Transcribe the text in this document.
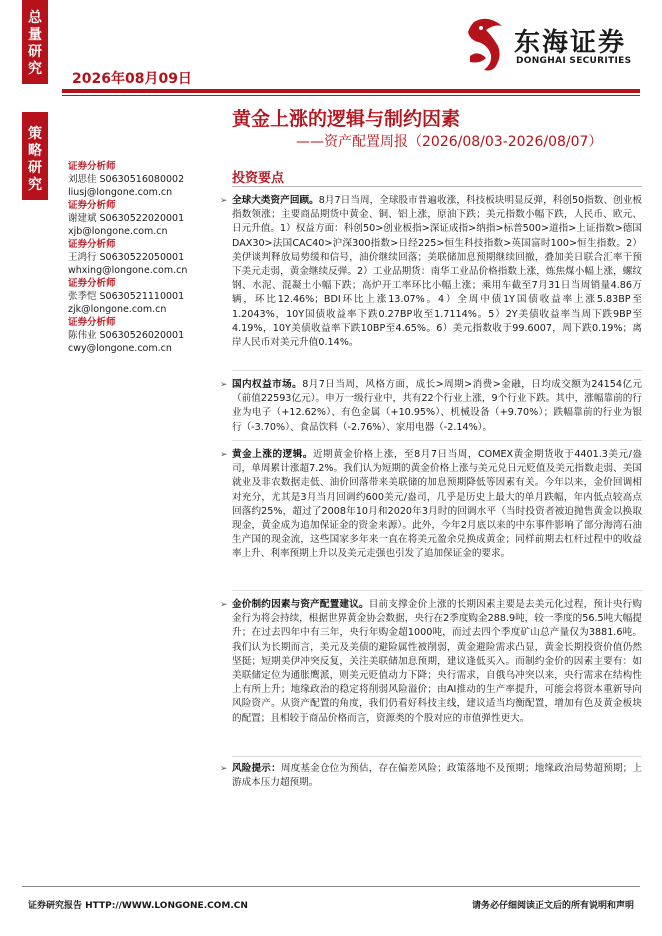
总
量
研
究
2026年08月09日
东海证券
DONGHAI SECURITIES
策
略
研
究
黄金上涨的逻辑与制约因素
——资产配置周报（2026/08/03-2026/08/07）
证券分析师
刘思佳 S0630516080002
liusj@longone.com.cn
证券分析师
谢建斌 S0630522020001
xjb@longone.com.cn
证券分析师
王鸿行 S0630522050001
whxing@longone.com.cn
证券分析师
张季恺 S0630521110001
zjk@longone.com.cn
证券分析师
陈伟业 S0630526020001
cwy@longone.com.cn
投资要点
➢ 全球大类资产回顾。8月7日当周，全球股市普遍收涨，科技板块明显反弹，科创50指数、创业板指数领涨；主要商品期货中黄金、铜、铝上涨，原油下跌；美元指数小幅下跌，人民币、欧元、日元升值。1）权益方面：科创50>创业板指>深证成指>纳指>标普500>道指>上证指数>德国DAX30>法国CAC40>沪深300指数>日经225>恒生科技指数>英国富时100>恒生指数。2）美伊谈判释放局势缓和信号，油价继续回落；美联储加息预期继续回撤，叠加美日联合汇率干预下美元走弱，黄金继续反弹。2）工业品期货：南华工业品价格指数上涨，炼焦煤小幅上涨，螺纹钢、水泥、混凝土小幅下跌；高炉开工率环比小幅上涨；乘用车截至7月31日当周销量4.86万辆，环比12.46%；BDI环比上涨13.07%。4）全周中债1Y国债收益率上涨5.83BP至1.2043%，10Y国债收益率下跌0.27BP收至1.7114%。5）2Y美债收益率当周下跌9BP至4.19%，10Y美债收益率下跌10BP至4.65%。6）美元指数收于99.6007，周下跌0.19%；离岸人民币对美元升值0.14%。
➢ 国内权益市场。8月7日当周，风格方面，成长>周期>消费>金融，日均成交额为24154亿元（前值22593亿元）。申万一级行业中，共有22个行业上涨，9个行业下跌。其中，涨幅靠前的行业为电子（+12.62%）、有色金属（+10.95%）、机械设备（+9.70%）；跌幅靠前的行业为银行（-3.70%）、食品饮料（-2.76%）、家用电器（-2.14%）。
➢ 黄金上涨的逻辑。近期黄金价格上涨，至8月7日当周，COMEX黄金期货收于4401.3美元/盎司，单周累计涨超7.2%。我们认为短期的黄金价格上涨与美元兑日元贬值及美元指数走弱、美国就业及非农数据走低、油价回落带来美联储的加息预期降低等因素有关。今年以来，金价回调相对充分，尤其是3月当月回调约600美元/盎司，几乎是历史上最大的单月跌幅，年内低点较高点回落约25%，超过了2008年10月和2020年3月时的回调水平（当时投资者被迫抛售黄金以换取现金，黄金成为追加保证金的资金来源）。此外，今年2月底以来的中东事件影响了部分海湾石油生产国的现金流，这些国家多年来一直在将美元盈余兑换成黄金；同样前期去杠杆过程中的收益率上升、利率预期上升以及美元走强也引发了追加保证金的要求。
➢ 金价制约因素与资产配置建议。目前支撑金价上涨的长期因素主要是去美元化过程，预计央行购金行为将会持续，根据世界黄金协会数据，央行在2季度购金288.9吨，较一季度的56.5吨大幅提升；在过去四年中有三年，央行年购金超1000吨，而过去四个季度矿山总产量仅为3881.6吨。我们认为长期而言，美元及美债的避险属性被削弱，黄金避险需求凸显，黄金长期投资价值仍然坚挺；短期美伊冲突反复，关注美联储加息预期，建议逢低买入。而制约金价的因素主要有：如美联储定位为通胀鹰派，则美元贬值动力下降；央行需求，自俄乌冲突以来，央行需求在结构性上有所上升；地缘政治的稳定将削弱风险溢价；由AI推动的生产率提升，可能会将资本重新导向风险资产。从资产配置的角度，我们仍看好科技主线，建议适当均衡配置，增加有色及黄金板块的配置；且相较于商品价格而言，资源类的个股对应的市值弹性更大。
➢ 风险提示：周度基金仓位为预估，存在偏差风险；政策落地不及预期；地缘政治局势超预期；上游成本压力超预期。
证券研究报告 HTTP://WWW.LONGONE.COM.CN	请务必仔细阅读正文后的所有说明和声明
